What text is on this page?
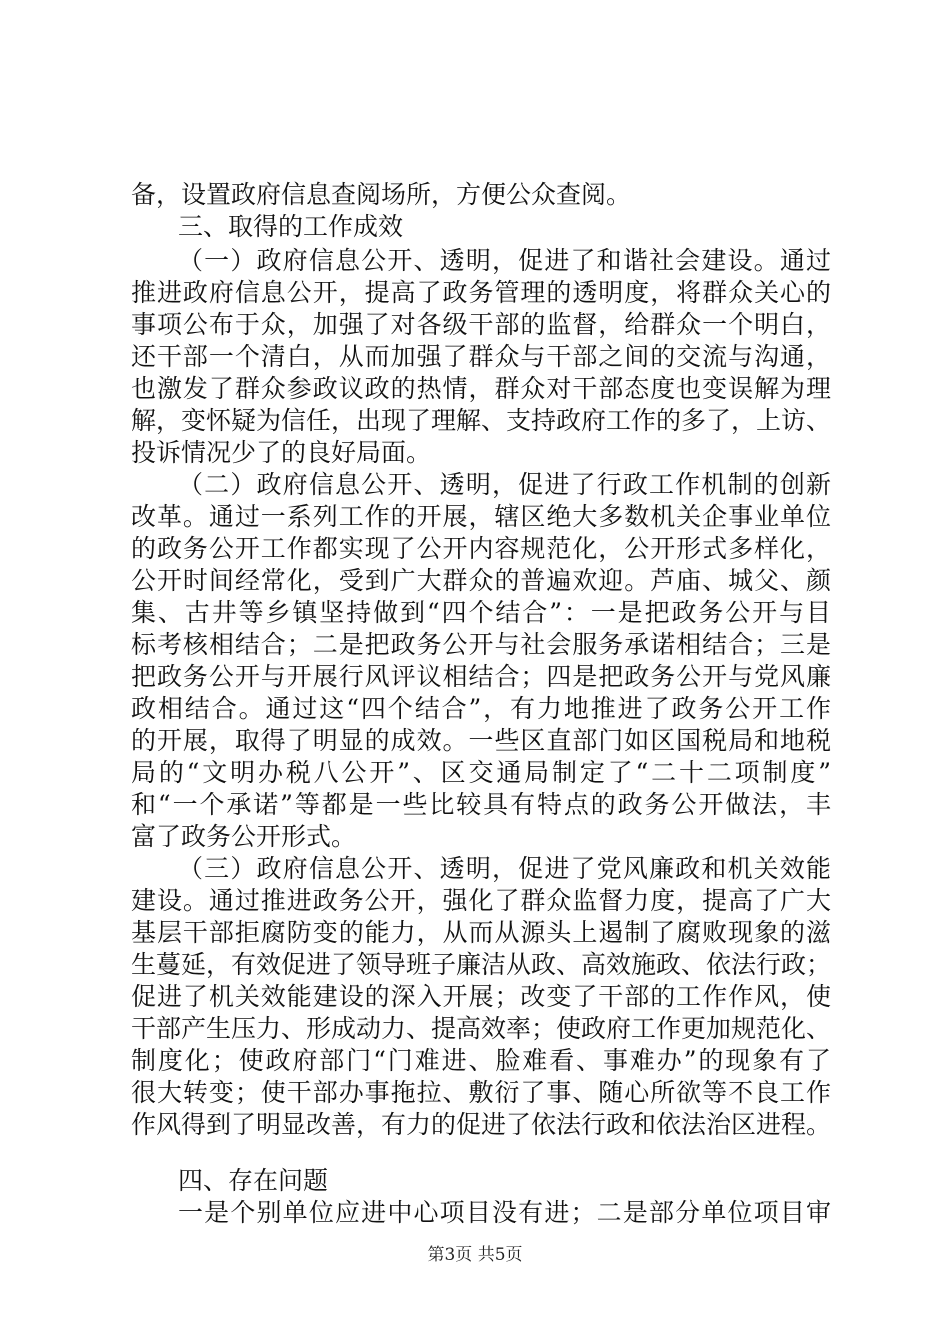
备，设置政府信息查阅场所，方便公众查阅。
三、取得的工作成效
（一）政府信息公开、透明，促进了和谐社会建设。通过
推进政府信息公开，提高了政务管理的透明度，将群众关心的
事项公布于众，加强了对各级干部的监督，给群众一个明白，
还干部一个清白，从而加强了群众与干部之间的交流与沟通，
也激发了群众参政议政的热情，群众对干部态度也变误解为理
解，变怀疑为信任，出现了理解、支持政府工作的多了，上访、
投诉情况少了的良好局面。
（二）政府信息公开、透明，促进了行政工作机制的创新
改革。通过一系列工作的开展，辖区绝大多数机关企事业单位
的政务公开工作都实现了公开内容规范化，公开形式多样化，
公开时间经常化，受到广大群众的普遍欢迎。芦庙、城父、颜
集、古井等乡镇坚持做到“四个结合”：一是把政务公开与目
标考核相结合；二是把政务公开与社会服务承诺相结合；三是
把政务公开与开展行风评议相结合；四是把政务公开与党风廉
政相结合。通过这“四个结合”，有力地推进了政务公开工作
的开展，取得了明显的成效。一些区直部门如区国税局和地税
局的“文明办税八公开”、区交通局制定了“二十二项制度”
和“一个承诺”等都是一些比较具有特点的政务公开做法，丰
富了政务公开形式。
（三）政府信息公开、透明，促进了党风廉政和机关效能
建设。通过推进政务公开，强化了群众监督力度，提高了广大
基层干部拒腐防变的能力，从而从源头上遏制了腐败现象的滋
生蔓延，有效促进了领导班子廉洁从政、高效施政、依法行政；
促进了机关效能建设的深入开展；改变了干部的工作作风，使
干部产生压力、形成动力、提高效率；使政府工作更加规范化、
制度化；使政府部门“门难进、脸难看、事难办”的现象有了
很大转变；使干部办事拖拉、敷衍了事、随心所欲等不良工作
作风得到了明显改善，有力的促进了依法行政和依法治区进程。
四、存在问题
一是个别单位应进中心项目没有进；二是部分单位项目审
第3页 共5页
